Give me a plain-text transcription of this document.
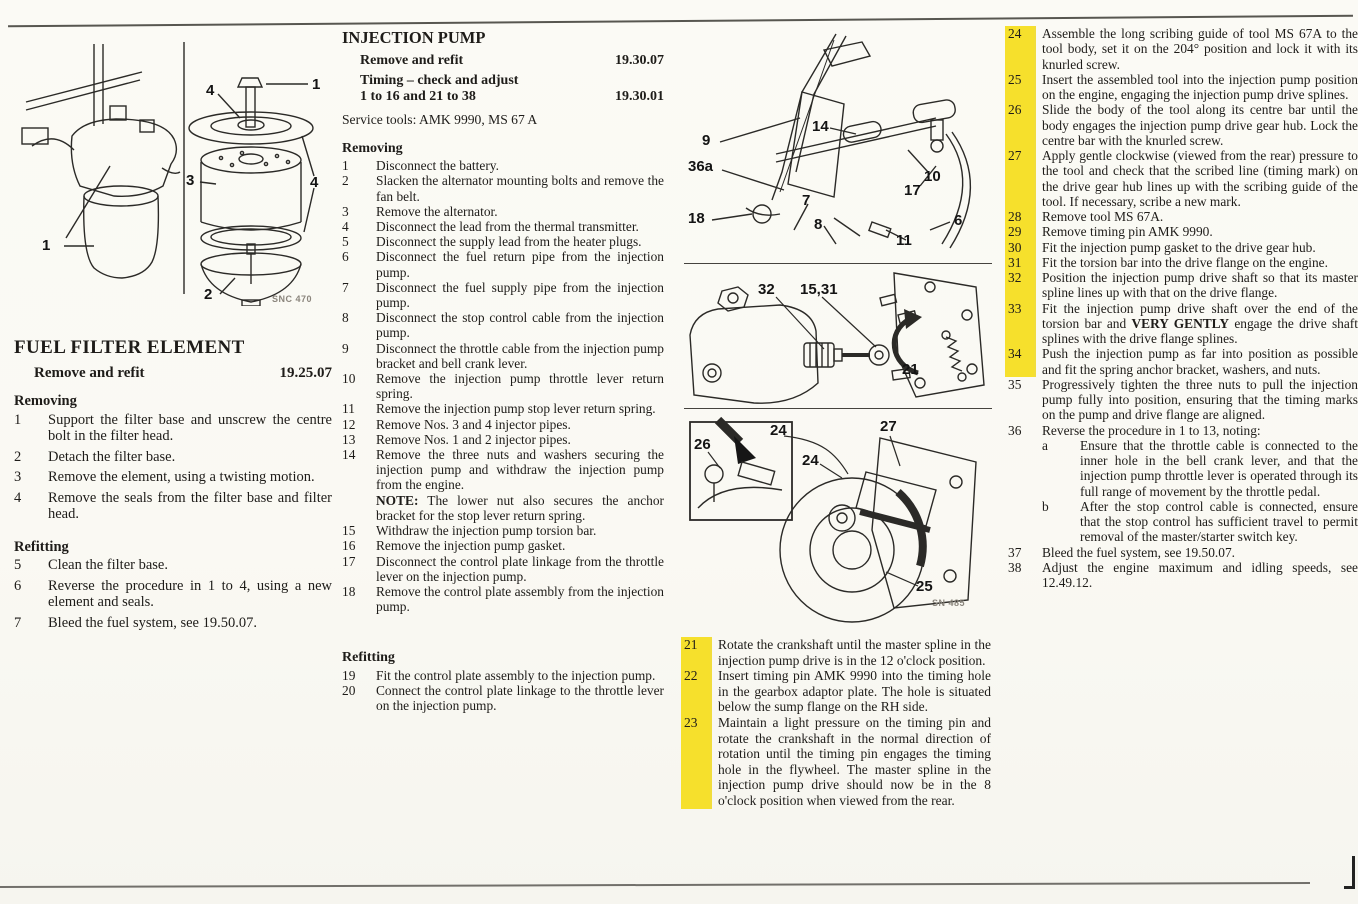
1
4	1
3	4
2	SNC 470
FUEL FILTER ELEMENT
Remove and refit	19.25.07
Removing
1	Support the filter base and unscrew the centre bolt in the filter head.
2	Detach the filter base.
3	Remove the element, using a twisting motion.
4	Remove the seals from the filter base and filter head.
Refitting
5	Clean the filter base.
6	Reverse the procedure in 1 to 4, using a new element and seals.
7	Bleed the fuel system, see 19.50.07.
INJECTION PUMP
Remove and refit	19.30.07
Timing – check and adjust
1 to 16 and 21 to 38	19.30.01
Service tools: AMK 9990, MS 67 A
Removing
1	Disconnect the battery.
2	Slacken the alternator mounting bolts and remove the fan belt.
3	Remove the alternator.
4	Disconnect the lead from the thermal transmitter.
5	Disconnect the supply lead from the heater plugs.
6	Disconnect the fuel return pipe from the injection pump.
7	Disconnect the fuel supply pipe from the injection pump.
8	Disconnect the stop control cable from the injection pump.
9	Disconnect the throttle cable from the injection pump bracket and bell crank lever.
10	Remove the injection pump throttle lever return spring.
11	Remove the injection pump stop lever return spring.
12	Remove Nos. 3 and 4 injector pipes.
13	Remove Nos. 1 and 2 injector pipes.
14	Remove the three nuts and washers securing the injection pump and withdraw the injection pump from the engine.
NOTE: The lower nut also secures the anchor bracket for the stop lever return spring.
15	Withdraw the injection pump torsion bar.
16	Remove the injection pump gasket.
17	Disconnect the control plate linkage from the throttle lever on the injection pump.
18	Remove the control plate assembly from the injection pump.
Refitting
19	Fit the control plate assembly to the injection pump.
20	Connect the control plate linkage to the throttle lever on the injection pump.
9
36a
18
14
10
17
7
8
11
6
32 15,31
21
26
24
24
27
25
SN 485
21	Rotate the crankshaft until the master spline in the injection pump drive is in the 12 o'clock position.
22	Insert timing pin AMK 9990 into the timing hole in the gearbox adaptor plate. The hole is situated below the sump flange on the RH side.
23	Maintain a light pressure on the timing pin and rotate the crankshaft in the normal direction of rotation until the timing pin engages the timing hole in the flywheel. The master spline in the injection pump drive should now be in the 8 o'clock position when viewed from the rear.
24	Assemble the long scribing guide of tool MS 67A to the tool body, set it on the 204° position and lock it with its knurled screw.
25	Insert the assembled tool into the injection pump position on the engine, engaging the injection pump drive splines.
26	Slide the body of the tool along its centre bar until the body engages the injection pump drive gear hub. Lock the centre bar with the knurled screw.
27	Apply gentle clockwise (viewed from the rear) pressure to the tool and check that the scribed line (timing mark) on the drive gear hub lines up with the scribing guide of the tool. If necessary, scribe a new mark.
28	Remove tool MS 67A.
29	Remove timing pin AMK 9990.
30	Fit the injection pump gasket to the drive gear hub.
31	Fit the torsion bar into the drive flange on the engine.
32	Position the injection pump drive shaft so that its master spline lines up with that on the drive flange.
33	Fit the injection pump drive shaft over the end of the torsion bar and VERY GENTLY engage the drive shaft splines with the drive flange splines.
34	Push the injection pump as far into position as possible and fit the spring anchor bracket, washers, and nuts.
35	Progressively tighten the three nuts to pull the injection pump fully into position, ensuring that the timing marks on the pump and drive flange are aligned.
36	Reverse the procedure in 1 to 13, noting:
a	Ensure that the throttle cable is connected to the inner hole in the bell crank lever, and that the injection pump throttle lever is operated through its full range of movement by the throttle pedal.
b	After the stop control cable is connected, ensure that the stop control has sufficient travel to permit removal of the master/starter switch key.
37	Bleed the fuel system, see 19.50.07.
38	Adjust the engine maximum and idling speeds, see 12.49.12.
